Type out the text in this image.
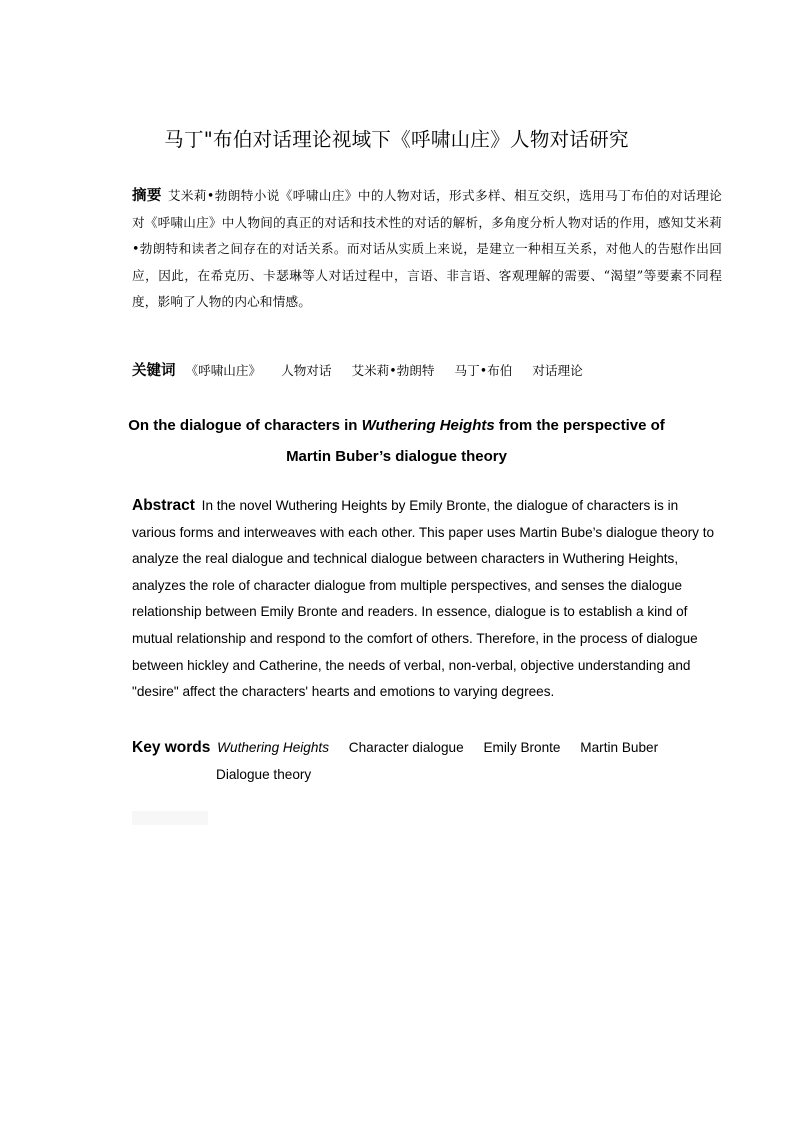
马丁"布伯对话理论视域下《呼啸山庄》人物对话研究
摘要 艾米莉•勃朗特小说《呼啸山庄》中的人物对话，形式多样、相互交织，选用马丁布伯的对话理论对《呼啸山庄》中人物间的真正的对话和技术性的对话的解析，多角度分析人物对话的作用，感知艾米莉•勃朗特和读者之间存在的对话关系。而对话从实质上来说，是建立一种相互关系，对他人的告慰作出回应，因此，在希克历、卡瑟琳等人对话过程中，言语、非言语、客观理解的需要、“渴望”等要素不同程度，影响了人物的内心和情感。
关键词 《呼啸山庄》 人物对话 艾米莉•勃朗特 马丁•布伯 对话理论
On the dialogue of characters in Wuthering Heights from the perspective of
Martin Buber’s dialogue theory
Abstract In the novel Wuthering Heights by Emily Bronte, the dialogue of characters is in various forms and interweaves with each other. This paper uses Martin Bube’s dialogue theory to analyze the real dialogue and technical dialogue between characters in Wuthering Heights, analyzes the role of character dialogue from multiple perspectives, and senses the dialogue relationship between Emily Bronte and readers. In essence, dialogue is to establish a kind of mutual relationship and respond to the comfort of others. Therefore, in the process of dialogue between hickley and Catherine, the needs of verbal, non-verbal, objective understanding and "desire" affect the characters' hearts and emotions to varying degrees.
Key words Wuthering Heights Character dialogue Emily Bronte Martin Buber
Dialogue theory
